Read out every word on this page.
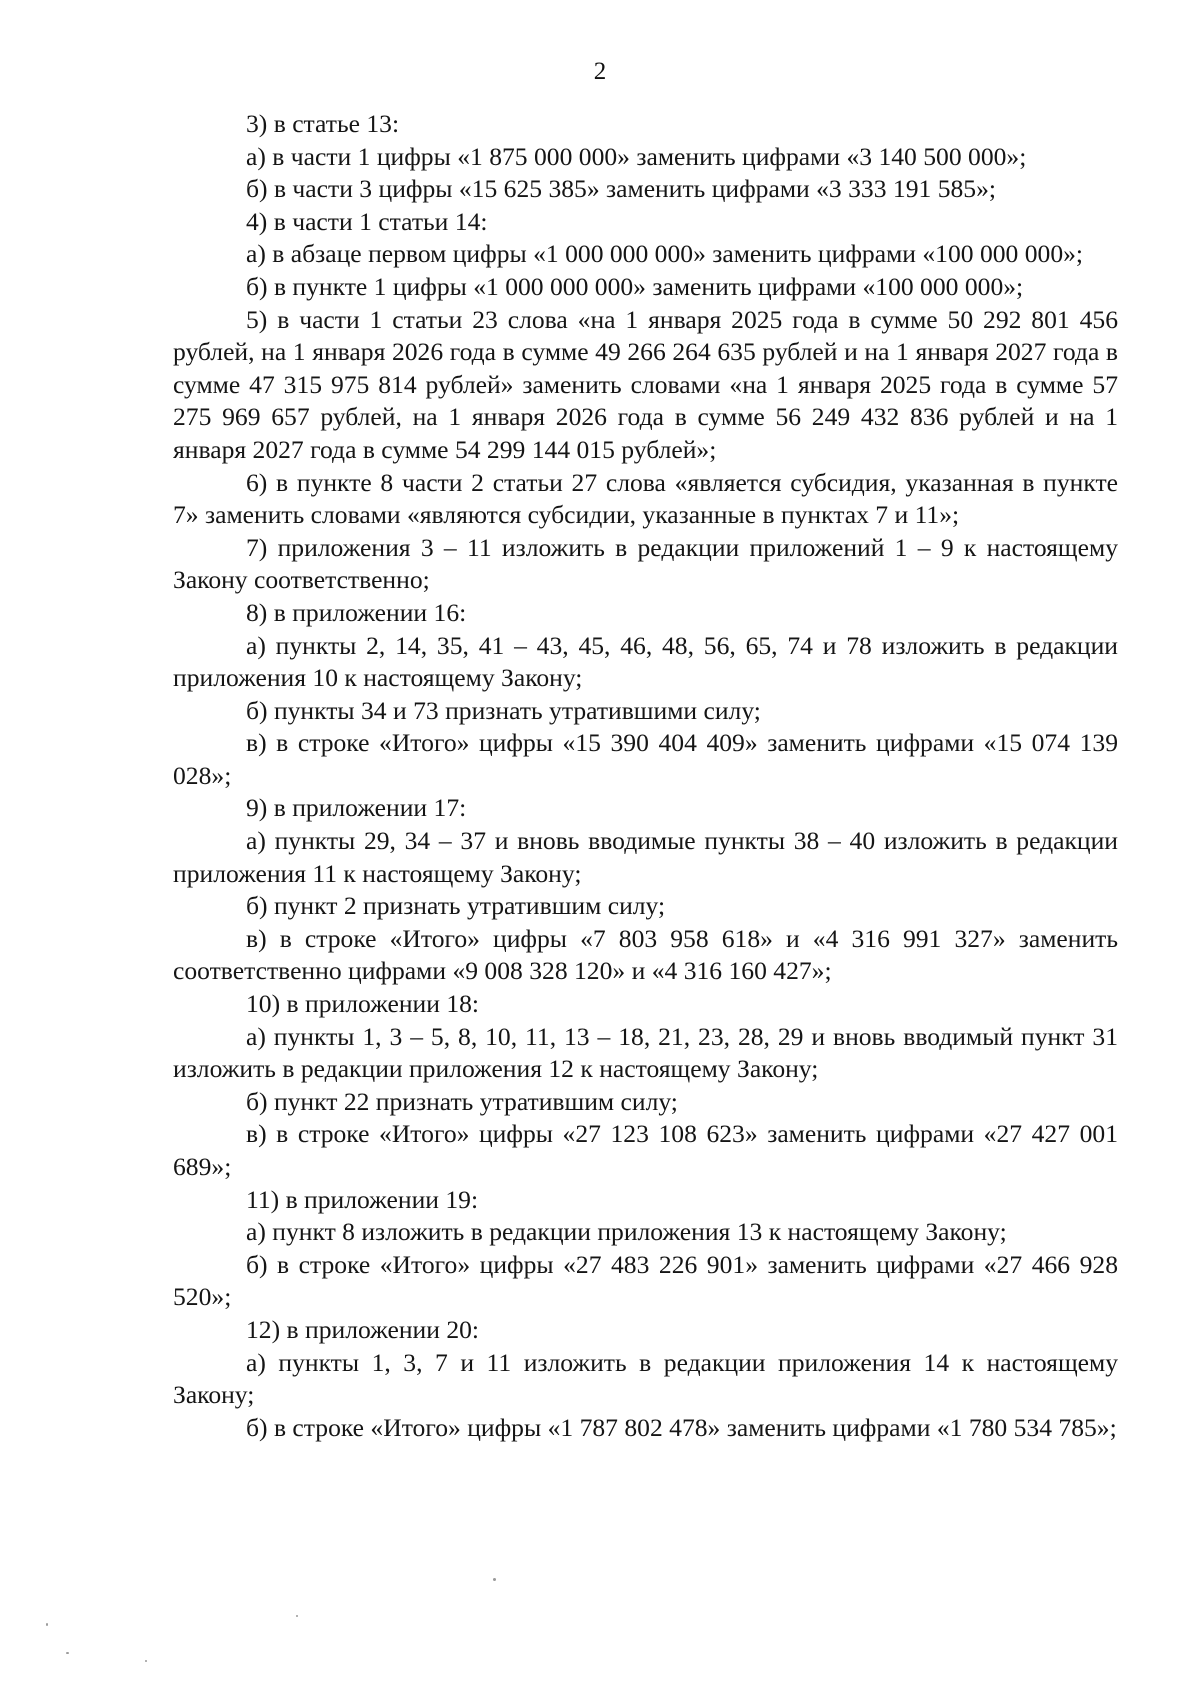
2

3) в статье 13:

а) в части 1 цифры «1 875 000 000» заменить цифрами «3 140 500 000»;

б) в части 3 цифры «15 625 385» заменить цифрами «3 333 191 585»;

4) в части 1 статьи 14:

а) в абзаце первом цифры «1 000 000 000» заменить цифрами «100 000 000»;

б) в пункте 1 цифры «1 000 000 000» заменить цифрами «100 000 000»;

5) в части 1 статьи 23 слова «на 1 января 2025 года в сумме 50 292 801 456 рублей, на 1 января 2026 года в сумме 49 266 264 635 рублей и на 1 января 2027 года в сумме 47 315 975 814 рублей» заменить словами «на 1 января 2025 года в сумме 57 275 969 657 рублей, на 1 января 2026 года в сумме 56 249 432 836 рублей и на 1 января 2027 года в сумме 54 299 144 015 рублей»;

6) в пункте 8 части 2 статьи 27 слова «является субсидия, указанная в пункте 7» заменить словами «являются субсидии, указанные в пунктах 7 и 11»;

7) приложения 3 – 11 изложить в редакции приложений 1 – 9 к настоящему Закону соответственно;

8) в приложении 16:

а) пункты 2, 14, 35, 41 – 43, 45, 46, 48, 56, 65, 74 и 78 изложить в редакции приложения 10 к настоящему Закону;

б) пункты 34 и 73 признать утратившими силу;

в) в строке «Итого» цифры «15 390 404 409» заменить цифрами «15 074 139 028»;

9) в приложении 17:

а) пункты 29, 34 – 37 и вновь вводимые пункты 38 – 40 изложить в редакции приложения 11 к настоящему Закону;

б) пункт 2 признать утратившим силу;

в) в строке «Итого» цифры «7 803 958 618» и «4 316 991 327» заменить соответственно цифрами «9 008 328 120» и «4 316 160 427»;

10) в приложении 18:

а) пункты 1, 3 – 5, 8, 10, 11, 13 – 18, 21, 23, 28, 29 и вновь вводимый пункт 31 изложить в редакции приложения 12 к настоящему Закону;

б) пункт 22 признать утратившим силу;

в) в строке «Итого» цифры «27 123 108 623» заменить цифрами «27 427 001 689»;

11) в приложении 19:

а) пункт 8 изложить в редакции приложения 13 к настоящему Закону;

б) в строке «Итого» цифры «27 483 226 901» заменить цифрами «27 466 928 520»;

12) в приложении 20:

а) пункты 1, 3, 7 и 11 изложить в редакции приложения 14 к настоящему Закону;

б) в строке «Итого» цифры «1 787 802 478» заменить цифрами «1 780 534 785»;
